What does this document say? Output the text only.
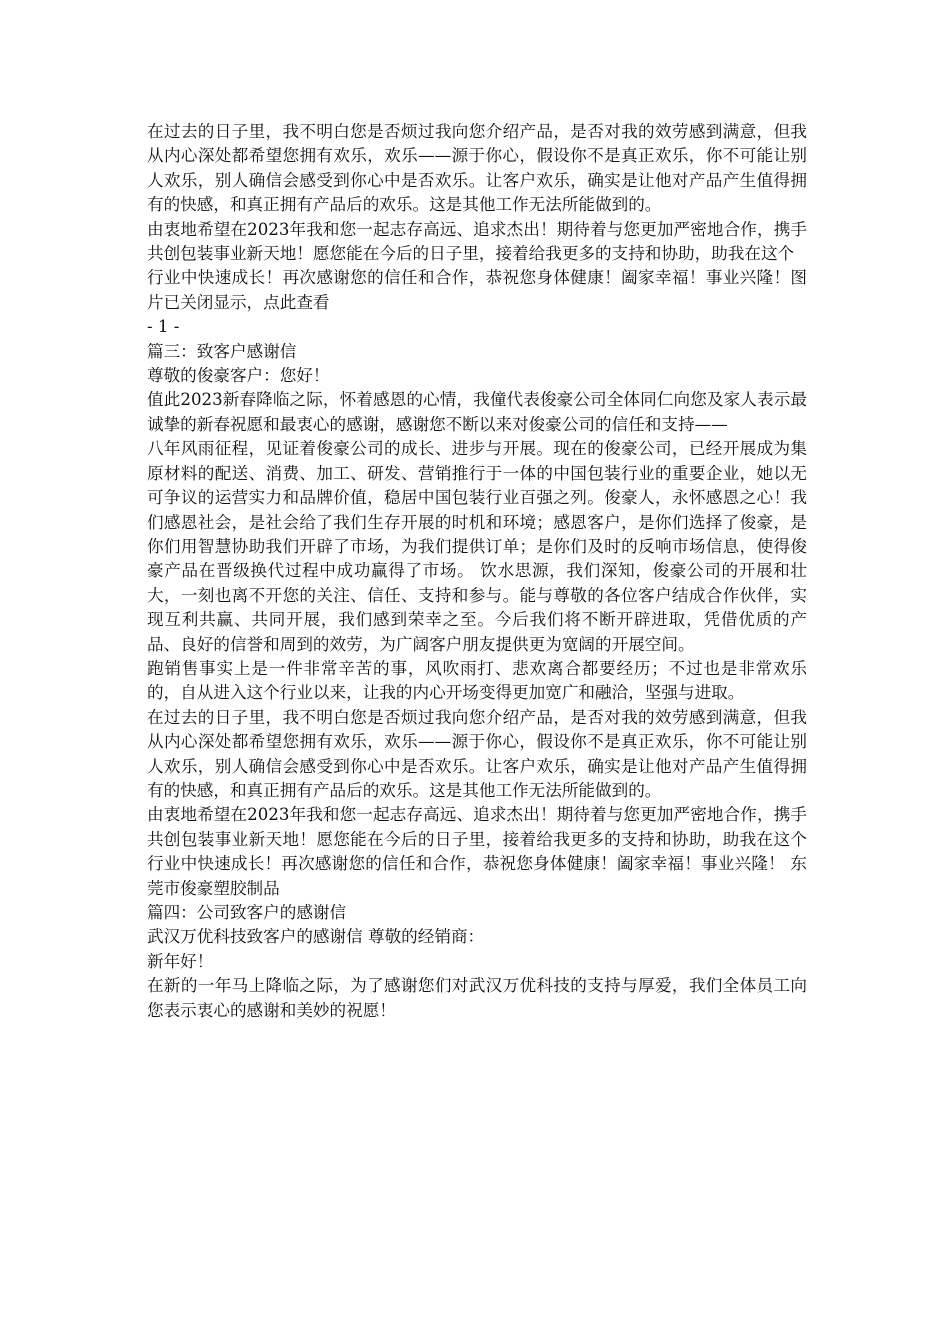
在过去的日子里，我不明白您是否烦过我向您介绍产品，是否对我的效劳感到满意，但我从内心深处都希望您拥有欢乐，欢乐——源于你心，假设你不是真正欢乐，你不可能让别人欢乐，别人确信会感受到你心中是否欢乐。让客户欢乐，确实是让他对产品产生值得拥有的快感，和真正拥有产品后的欢乐。这是其他工作无法所能做到的。

由衷地希望在2023年我和您一起志存高远、追求杰出！期待着与您更加严密地合作，携手共创包装事业新天地！愿您能在今后的日子里，接着给我更多的支持和协助，助我在这个

行业中快速成长！再次感谢您的信任和合作，恭祝您身体健康！阖家幸福！事业兴隆！图片已关闭显示，点此查看

- 1 -

篇三：致客户感谢信

尊敬的俊豪客户：您好！

值此2023新春降临之际，怀着感恩的心情，我僮代表俊豪公司全体同仁向您及家人表示最诚挚的新春祝愿和最衷心的感谢，感谢您不断以来对俊豪公司的信任和支持——

八年风雨征程，见证着俊豪公司的成长、进步与开展。现在的俊豪公司，已经开展成为集原材料的配送、消费、加工、研发、营销推行于一体的中国包装行业的重要企业，她以无可争议的运营实力和品牌价值，稳居中国包装行业百强之列。俊豪人，永怀感恩之心！我们感恩社会，是社会给了我们生存开展的时机和环境；感恩客户，是你们选择了俊豪，是你们用智慧协助我们开辟了市场，为我们提供订单；是你们及时的反响市场信息，使得俊豪产品在晋级换代过程中成功赢得了市场。 饮水思源，我们深知，俊豪公司的开展和壮大，一刻也离不开您的关注、信任、支持和参与。能与尊敬的各位客户结成合作伙伴，实现互利共赢、共同开展，我们感到荣幸之至。今后我们将不断开辟进取，凭借优质的产品、良好的信誉和周到的效劳，为广阔客户朋友提供更为宽阔的开展空间。

跑销售事实上是一件非常辛苦的事，风吹雨打、悲欢离合都要经历；不过也是非常欢乐的，自从进入这个行业以来，让我的内心开场变得更加宽广和融洽，坚强与进取。

在过去的日子里，我不明白您是否烦过我向您介绍产品，是否对我的效劳感到满意，但我从内心深处都希望您拥有欢乐，欢乐——源于你心，假设你不是真正欢乐，你不可能让别人欢乐，别人确信会感受到你心中是否欢乐。让客户欢乐，确实是让他对产品产生值得拥有的快感，和真正拥有产品后的欢乐。这是其他工作无法所能做到的。

由衷地希望在2023年我和您一起志存高远、追求杰出！期待着与您更加严密地合作，携手共创包装事业新天地！愿您能在今后的日子里，接着给我更多的支持和协助，助我在这个行业中快速成长！再次感谢您的信任和合作，恭祝您身体健康！阖家幸福！事业兴隆！ 东莞市俊豪塑胶制品

篇四：公司致客户的感谢信

武汉万优科技致客户的感谢信 尊敬的经销商：

新年好！

在新的一年马上降临之际，为了感谢您们对武汉万优科技的支持与厚爱，我们全体员工向您表示衷心的感谢和美妙的祝愿！
